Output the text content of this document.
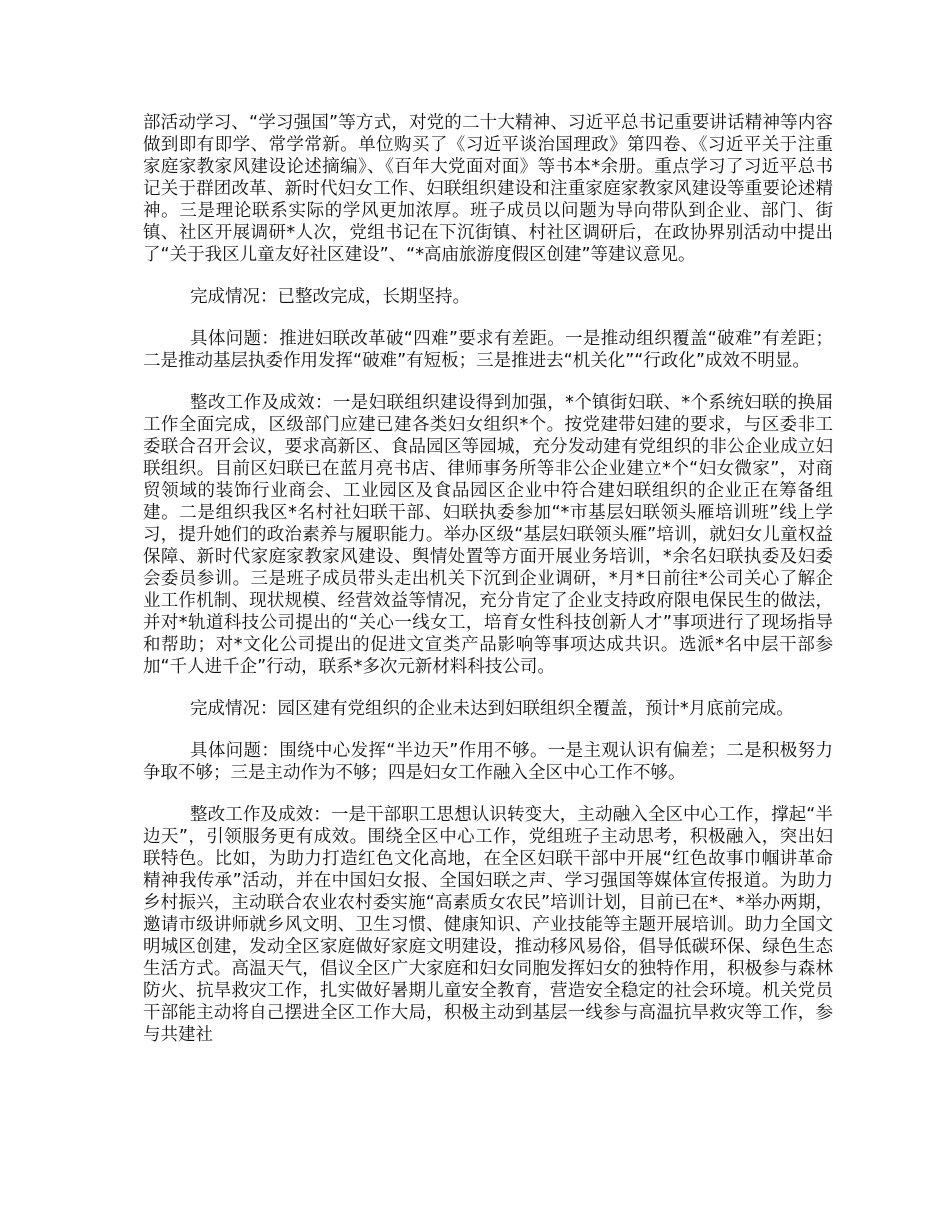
部活动学习、“学习强国”等方式，对党的二十大精神、习近平总书记重要讲话精神等内容做到即有即学、常学常新。单位购买了《习近平谈治国理政》第四卷、《习近平关于注重家庭家教家风建设论述摘编》、《百年大党面对面》等书本*余册。重点学习了习近平总书记关于群团改革、新时代妇女工作、妇联组织建设和注重家庭家教家风建设等重要论述精神。三是理论联系实际的学风更加浓厚。班子成员以问题为导向带队到企业、部门、街镇、社区开展调研*人次，党组书记在下沉街镇、村社区调研后，在政协界别活动中提出了“关于我区儿童友好社区建设”、“*高庙旅游度假区创建”等建议意见。

完成情况：已整改完成，长期坚持。

具体问题：推进妇联改革破“四难”要求有差距。一是推动组织覆盖“破难”有差距；二是推动基层执委作用发挥“破难”有短板；三是推进去“机关化”“行政化”成效不明显。

整改工作及成效：一是妇联组织建设得到加强，*个镇街妇联、*个系统妇联的换届工作全面完成，区级部门应建已建各类妇女组织*个。按党建带妇建的要求，与区委非工委联合召开会议，要求高新区、食品园区等园城，充分发动建有党组织的非公企业成立妇联组织。目前区妇联已在蓝月亮书店、律师事务所等非公企业建立*个“妇女微家”，对商贸领域的装饰行业商会、工业园区及食品园区企业中符合建妇联组织的企业正在筹备组建。二是组织我区*名村社妇联干部、妇联执委参加“*市基层妇联领头雁培训班”线上学习，提升她们的政治素养与履职能力。举办区级“基层妇联领头雁”培训，就妇女儿童权益保障、新时代家庭家教家风建设、舆情处置等方面开展业务培训，*余名妇联执委及妇委会委员参训。三是班子成员带头走出机关下沉到企业调研，*月*日前往*公司关心了解企业工作机制、现状规模、经营效益等情况，充分肯定了企业支持政府限电保民生的做法，并对*轨道科技公司提出的“关心一线女工，培育女性科技创新人才”事项进行了现场指导和帮助；对*文化公司提出的促进文宣类产品影响等事项达成共识。选派*名中层干部参加“千人进千企”行动，联系*多次元新材料科技公司。

完成情况：园区建有党组织的企业未达到妇联组织全覆盖，预计*月底前完成。

具体问题：围绕中心发挥“半边天”作用不够。一是主观认识有偏差；二是积极努力争取不够；三是主动作为不够；四是妇女工作融入全区中心工作不够。

整改工作及成效：一是干部职工思想认识转变大，主动融入全区中心工作，撑起“半边天”，引领服务更有成效。围绕全区中心工作，党组班子主动思考，积极融入，突出妇联特色。比如，为助力打造红色文化高地，在全区妇联干部中开展“红色故事巾帼讲革命精神我传承”活动，并在中国妇女报、全国妇联之声、学习强国等媒体宣传报道。为助力乡村振兴，主动联合农业农村委实施“高素质女农民”培训计划，目前已在*、*举办两期，邀请市级讲师就乡风文明、卫生习惯、健康知识、产业技能等主题开展培训。助力全国文明城区创建，发动全区家庭做好家庭文明建设，推动移风易俗，倡导低碳环保、绿色生态生活方式。高温天气，倡议全区广大家庭和妇女同胞发挥妇女的独特作用，积极参与森林防火、抗旱救灾工作，扎实做好暑期儿童安全教育，营造安全稳定的社会环境。机关党员干部能主动将自己摆进全区工作大局，积极主动到基层一线参与高温抗旱救灾等工作，参与共建社
